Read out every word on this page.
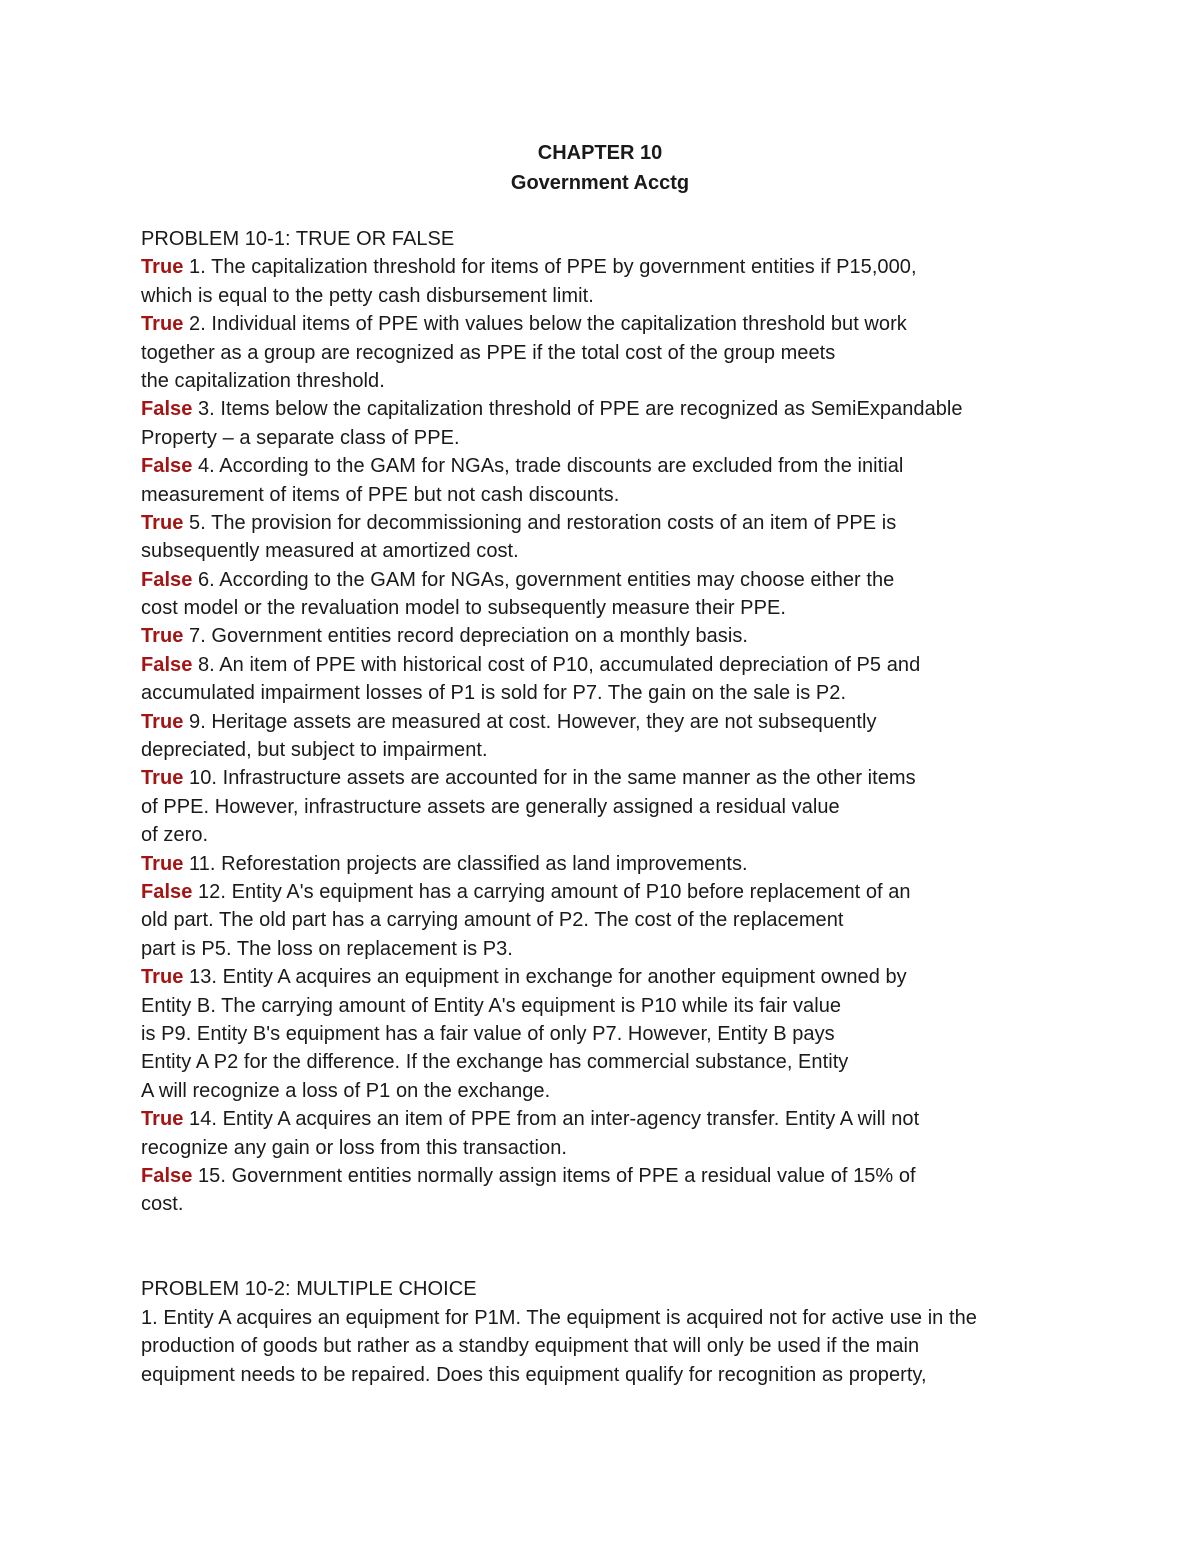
CHAPTER 10
Government Acctg
PROBLEM 10-1: TRUE OR FALSE
True 1. The capitalization threshold for items of PPE by government entities if P15,000,
which is equal to the petty cash disbursement limit.
True 2. Individual items of PPE with values below the capitalization threshold but work
together as a group are recognized as PPE if the total cost of the group meets
the capitalization threshold.
False 3. Items below the capitalization threshold of PPE are recognized as SemiExpandable
Property – a separate class of PPE.
False 4. According to the GAM for NGAs, trade discounts are excluded from the initial
measurement of items of PPE but not cash discounts.
True 5. The provision for decommissioning and restoration costs of an item of PPE is
subsequently measured at amortized cost.
False 6. According to the GAM for NGAs, government entities may choose either the
cost model or the revaluation model to subsequently measure their PPE.
True 7. Government entities record depreciation on a monthly basis.
False 8. An item of PPE with historical cost of P10, accumulated depreciation of P5 and
accumulated impairment losses of P1 is sold for P7. The gain on the sale is P2.
True 9. Heritage assets are measured at cost. However, they are not subsequently
depreciated, but subject to impairment.
True 10. Infrastructure assets are accounted for in the same manner as the other items
of PPE. However, infrastructure assets are generally assigned a residual value
of zero.
True 11. Reforestation projects are classified as land improvements.
False 12. Entity A's equipment has a carrying amount of P10 before replacement of an
old part. The old part has a carrying amount of P2. The cost of the replacement
part is P5. The loss on replacement is P3.
True 13. Entity A acquires an equipment in exchange for another equipment owned by
Entity B. The carrying amount of Entity A's equipment is P10 while its fair value
is P9. Entity B's equipment has a fair value of only P7. However, Entity B pays
Entity A P2 for the difference. If the exchange has commercial substance, Entity
A will recognize a loss of P1 on the exchange.
True 14. Entity A acquires an item of PPE from an inter-agency transfer. Entity A will not
recognize any gain or loss from this transaction.
False 15. Government entities normally assign items of PPE a residual value of 15% of
cost.
PROBLEM 10-2: MULTIPLE CHOICE
1. Entity A acquires an equipment for P1M. The equipment is acquired not for active use in the
production of goods but rather as a standby equipment that will only be used if the main
equipment needs to be repaired. Does this equipment qualify for recognition as property,
